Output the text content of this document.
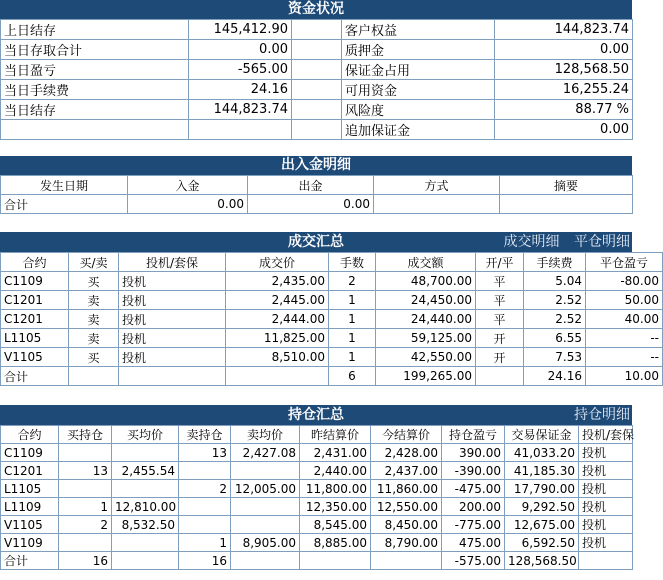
资金状况
上日结存	145,412.90		客户权益	144,823.74
当日存取合计	0.00		质押金	0.00
当日盈亏	-565.00		保证金占用	128,568.50
当日手续费	24.16		可用资金	16,255.24
当日结存	144,823.74		风险度	88.77 %
			追加保证金	0.00
出入金明细
发生日期	入金	出金	方式	摘要
合计	0.00	0.00		
成交汇总	成交明细 平仓明细
合约	买/卖	投机/套保	成交价	手数	成交额	开/平	手续费	平仓盈亏
C1109	买	投机	2,435.00	2	48,700.00	平	5.04	-80.00
C1201	卖	投机	2,445.00	1	24,450.00	平	2.52	50.00
C1201	卖	投机	2,444.00	1	24,440.00	平	2.52	40.00
L1105	卖	投机	11,825.00	1	59,125.00	开	6.55	--
V1105	买	投机	8,510.00	1	42,550.00	开	7.53	--
合计				6	199,265.00		24.16	10.00
持仓汇总	持仓明细
合约	买持仓	买均价	卖持仓	卖均价	昨结算价	今结算价	持仓盈亏	交易保证金	投机/套保
C1109			13	2,427.08	2,431.00	2,428.00	390.00	41,033.20	投机
C1201	13	2,455.54			2,440.00	2,437.00	-390.00	41,185.30	投机
L1105			2	12,005.00	11,800.00	11,860.00	-475.00	17,790.00	投机
L1109	1	12,810.00			12,350.00	12,550.00	200.00	9,292.50	投机
V1105	2	8,532.50			8,545.00	8,450.00	-775.00	12,675.00	投机
V1109			1	8,905.00	8,885.00	8,790.00	475.00	6,592.50	投机
合计	16		16				-575.00	128,568.50	
